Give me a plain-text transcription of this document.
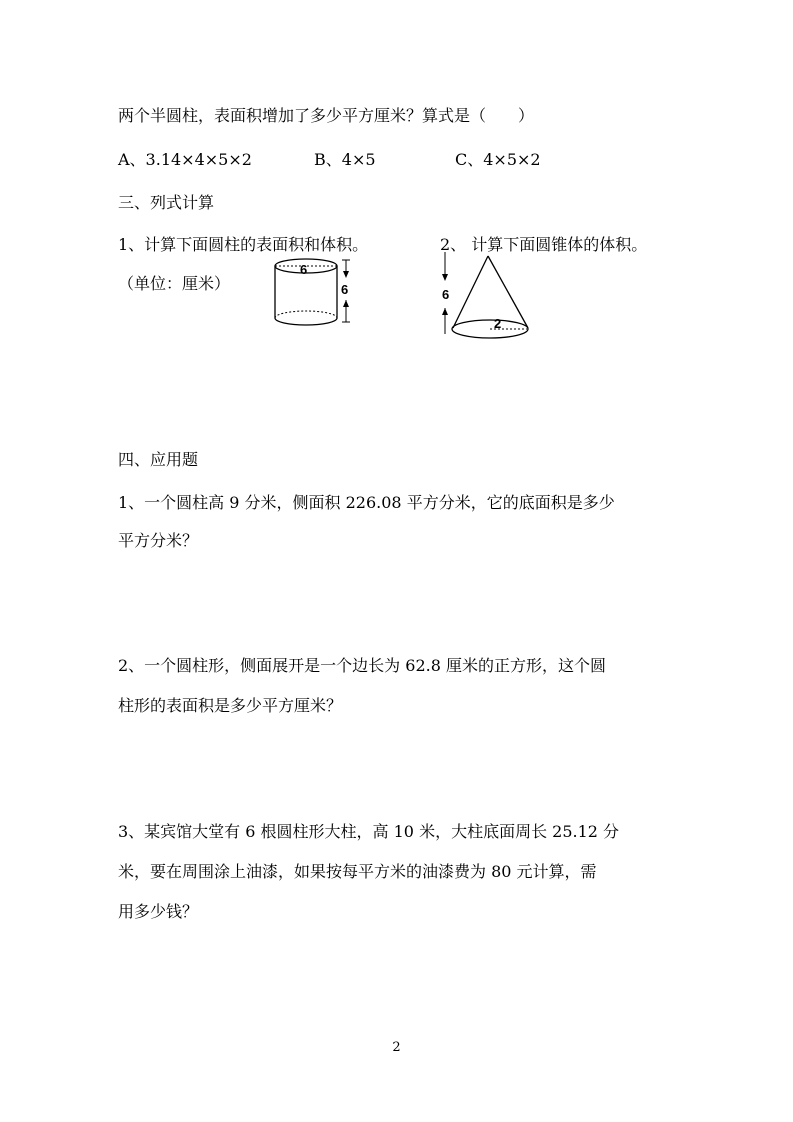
两个半圆柱，表面积增加了多少平方厘米？算式是（　　）
A、3.14×4×5×2	B、4×5	C、4×5×2
三、列式计算
1、计算下面圆柱的表面积和体积。	2、 计算下面圆锥体的体积。
（单位：厘米）
6
6	6
2
四、应用题
1、一个圆柱高 9 分米，侧面积 226.08 平方分米，它的底面积是多少
平方分米？
2、一个圆柱形，侧面展开是一个边长为 62.8 厘米的正方形，这个圆
柱形的表面积是多少平方厘米？
3、某宾馆大堂有 6 根圆柱形大柱，高 10 米，大柱底面周长 25.12 分
米，要在周围涂上油漆，如果按每平方米的油漆费为 80 元计算，需
用多少钱？
2
